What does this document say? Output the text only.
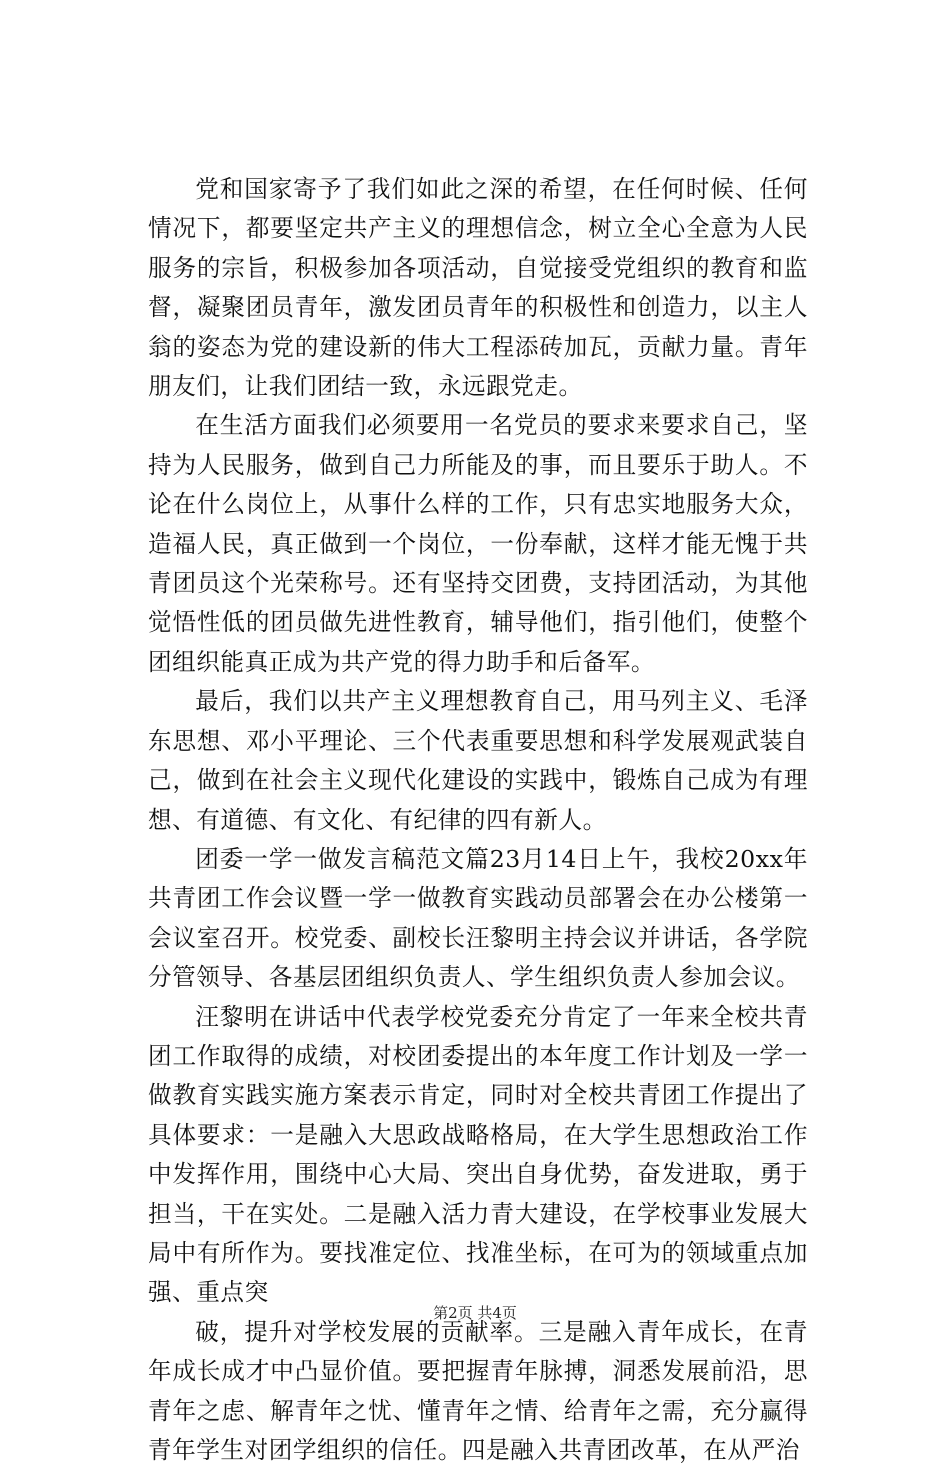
党和国家寄予了我们如此之深的希望，在任何时候、任何情况下，都要坚定共产主义的理想信念，树立全心全意为人民服务的宗旨，积极参加各项活动，自觉接受党组织的教育和监督，凝聚团员青年，激发团员青年的积极性和创造力，以主人翁的姿态为党的建设新的伟大工程添砖加瓦，贡献力量。青年朋友们，让我们团结一致，永远跟党走。

在生活方面我们必须要用一名党员的要求来要求自己，坚持为人民服务，做到自己力所能及的事，而且要乐于助人。不论在什么岗位上，从事什么样的工作，只有忠实地服务大众，造福人民，真正做到一个岗位，一份奉献，这样才能无愧于共青团员这个光荣称号。还有坚持交团费，支持团活动，为其他觉悟性低的团员做先进性教育，辅导他们，指引他们，使整个团组织能真正成为共产党的得力助手和后备军。

最后，我们以共产主义理想教育自己，用马列主义、毛泽东思想、邓小平理论、三个代表重要思想和科学发展观武装自己，做到在社会主义现代化建设的实践中，锻炼自己成为有理想、有道德、有文化、有纪律的四有新人。

团委一学一做发言稿范文篇23月14日上午，我校20xx年共青团工作会议暨一学一做教育实践动员部署会在办公楼第一会议室召开。校党委、副校长汪黎明主持会议并讲话，各学院分管领导、各基层团组织负责人、学生组织负责人参加会议。

汪黎明在讲话中代表学校党委充分肯定了一年来全校共青团工作取得的成绩，对校团委提出的本年度工作计划及一学一做教育实践实施方案表示肯定，同时对全校共青团工作提出了具体要求：一是融入大思政战略格局，在大学生思想政治工作中发挥作用，围绕中心大局、突出自身优势，奋发进取，勇于担当，干在实处。二是融入活力青大建设，在学校事业发展大局中有所作为。要找准定位、找准坐标，在可为的领域重点加强、重点突

破，提升对学校发展的贡献率。三是融入青年成长，在青年成长成才中凸显价值。要把握青年脉搏，洞悉发展前沿，思青年之虑、解青年之忧、懂青年之情、给青年之需，充分赢得青年学生对团学组织的信任。四是融入共青团改革，在从严治

第2页 共4页
